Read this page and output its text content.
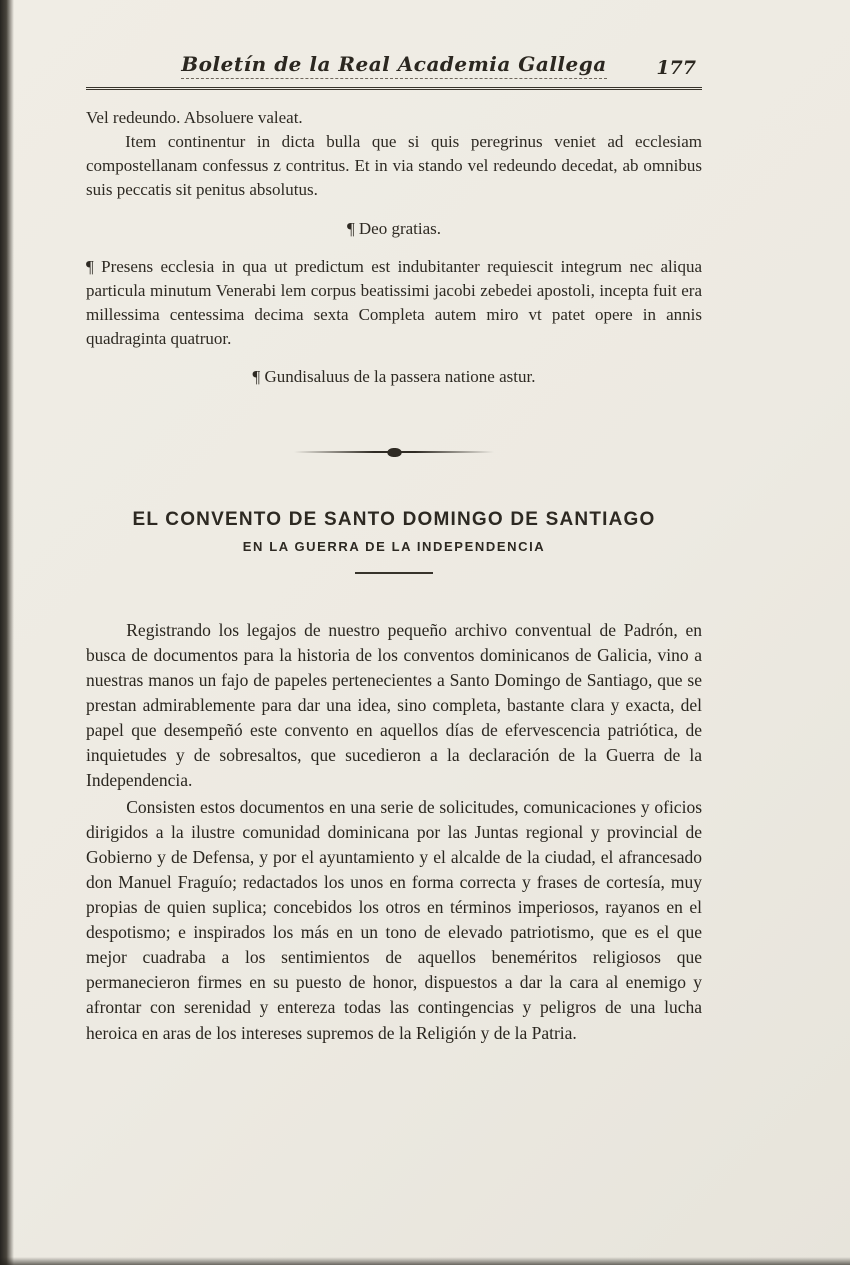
Boletín de la Real Academia Gallega	177

Vel redeundo. Absoluere valeat.

Item continentur in dicta bulla que si quis peregrinus veniet ad ecclesiam compostellanam confessus z contritus. Et in via stando vel redeundo decedat, ab omnibus suis peccatis sit penitus absolutus.

¶ Deo gratias.

¶ Presens ecclesia in qua ut predictum est indubitanter requiescit integrum nec aliqua particula minutum Venerabi lem corpus beatissimi jacobi zebedei apostoli, incepta fuit era millessima centessima decima sexta Completa autem miro vt patet opere in annis quadraginta quatruor.

¶ Gundisaluus de la passera natione astur.

EL CONVENTO DE SANTO DOMINGO DE SANTIAGO
EN LA GUERRA DE LA INDEPENDENCIA

Registrando los legajos de nuestro pequeño archivo conventual de Padrón, en busca de documentos para la historia de los conventos dominicanos de Galicia, vino a nuestras manos un fajo de papeles pertenecientes a Santo Domingo de Santiago, que se prestan admirablemente para dar una idea, sino completa, bastante clara y exacta, del papel que desempeñó este convento en aquellos días de efervescencia patriótica, de inquietudes y de sobresaltos, que sucedieron a la declaración de la Guerra de la Independencia.

Consisten estos documentos en una serie de solicitudes, comunicaciones y oficios dirigidos a la ilustre comunidad dominicana por las Juntas regional y provincial de Gobierno y de Defensa, y por el ayuntamiento y el alcalde de la ciudad, el afrancesado don Manuel Fraguío; redactados los unos en forma correcta y frases de cortesía, muy propias de quien suplica; concebidos los otros en términos imperiosos, rayanos en el despotismo; e inspirados los más en un tono de elevado patriotismo, que es el que mejor cuadraba a los sentimientos de aquellos beneméritos religiosos que permanecieron firmes en su puesto de honor, dispuestos a dar la cara al enemigo y afrontar con serenidad y entereza todas las contingencias y peligros de una lucha heroica en aras de los intereses supremos de la Religión y de la Patria.
